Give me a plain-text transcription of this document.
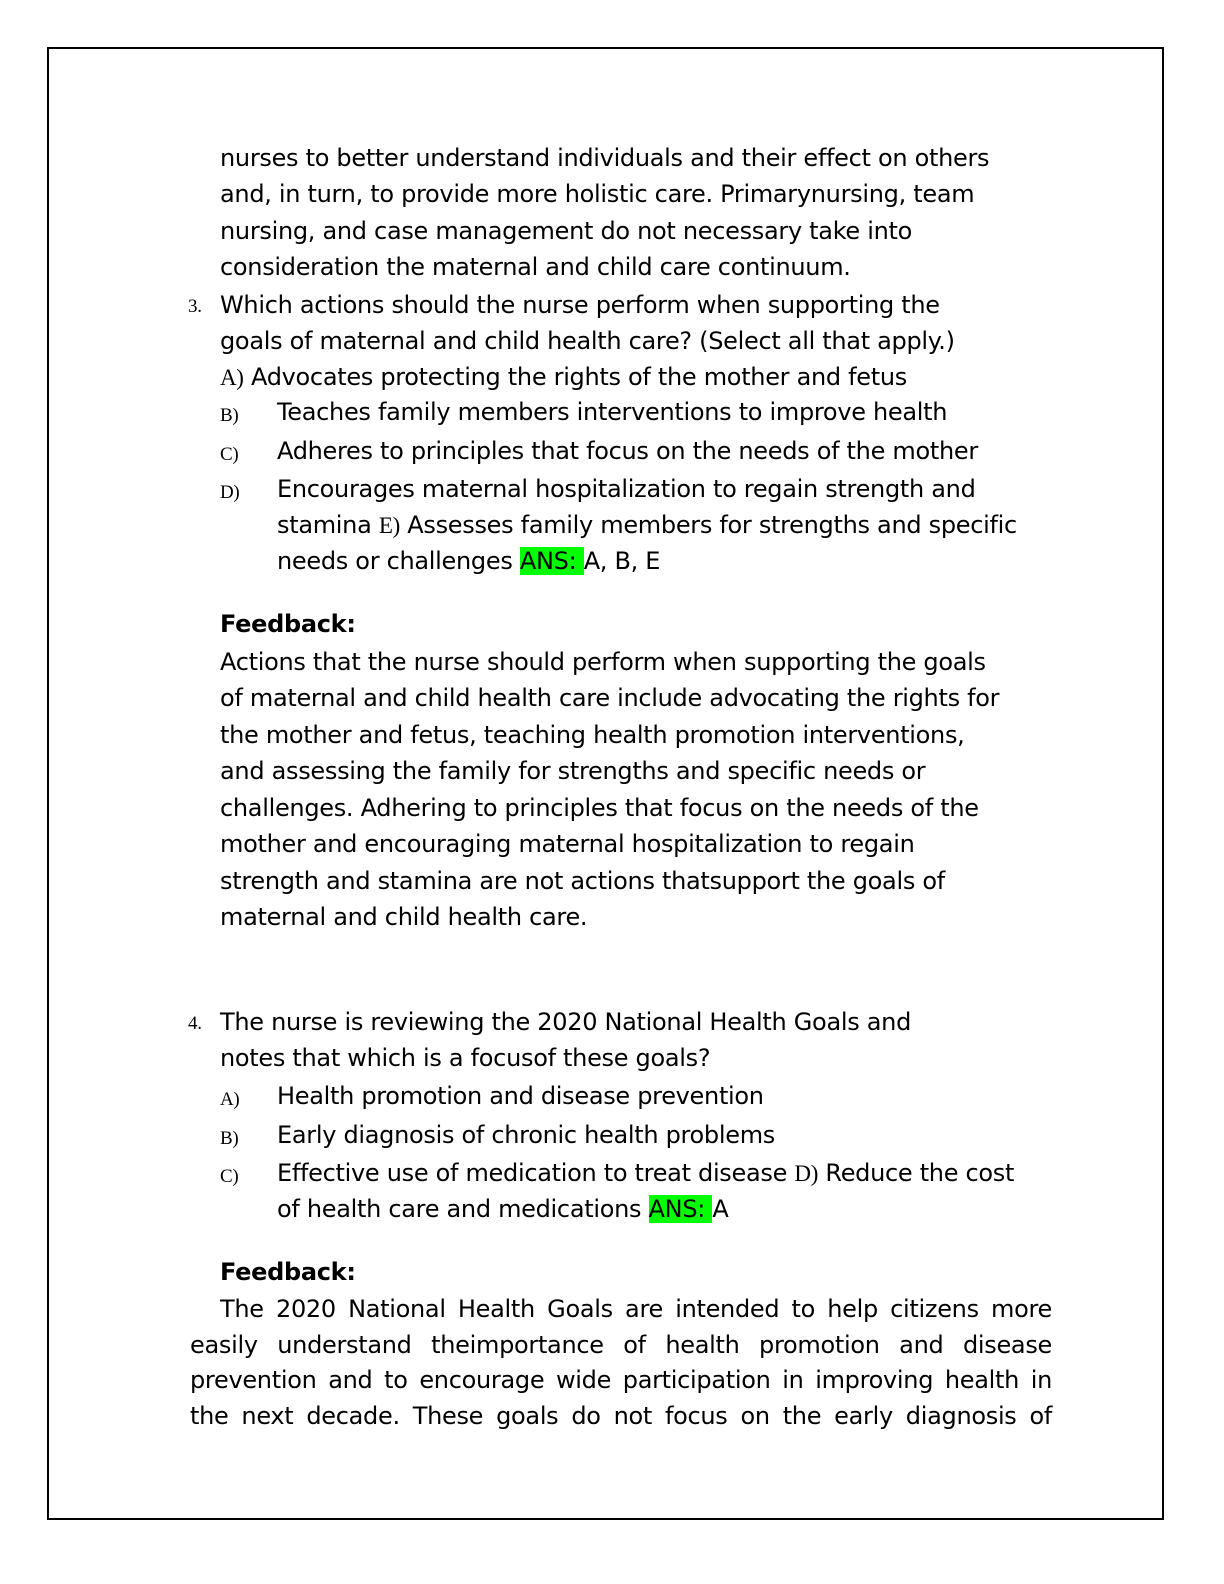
nurses to better understand individuals and their effect on others
and, in turn, to provide more holistic care. Primarynursing, team
nursing, and case management do not necessary take into
consideration the maternal and child care continuum.
3. Which actions should the nurse perform when supporting the
goals of maternal and child health care? (Select all that apply.)
A) Advocates protecting the rights of the mother and fetus
B) Teaches family members interventions to improve health
C) Adheres to principles that focus on the needs of the mother
D) Encourages maternal hospitalization to regain strength and
stamina E) Assesses family members for strengths and specific
needs or challenges ANS: A, B, E
Feedback:
Actions that the nurse should perform when supporting the goals
of maternal and child health care include advocating the rights for
the mother and fetus, teaching health promotion interventions,
and assessing the family for strengths and specific needs or
challenges. Adhering to principles that focus on the needs of the
mother and encouraging maternal hospitalization to regain
strength and stamina are not actions thatsupport the goals of
maternal and child health care.
4. The nurse is reviewing the 2020 National Health Goals and
notes that which is a focusof these goals?
A) Health promotion and disease prevention
B) Early diagnosis of chronic health problems
C) Effective use of medication to treat disease D) Reduce the cost
of health care and medications ANS: A
Feedback:
The 2020 National Health Goals are intended to help citizens more
easily understand theimportance of health promotion and disease
prevention and to encourage wide participation in improving health in
the next decade. These goals do not focus on the early diagnosis of
